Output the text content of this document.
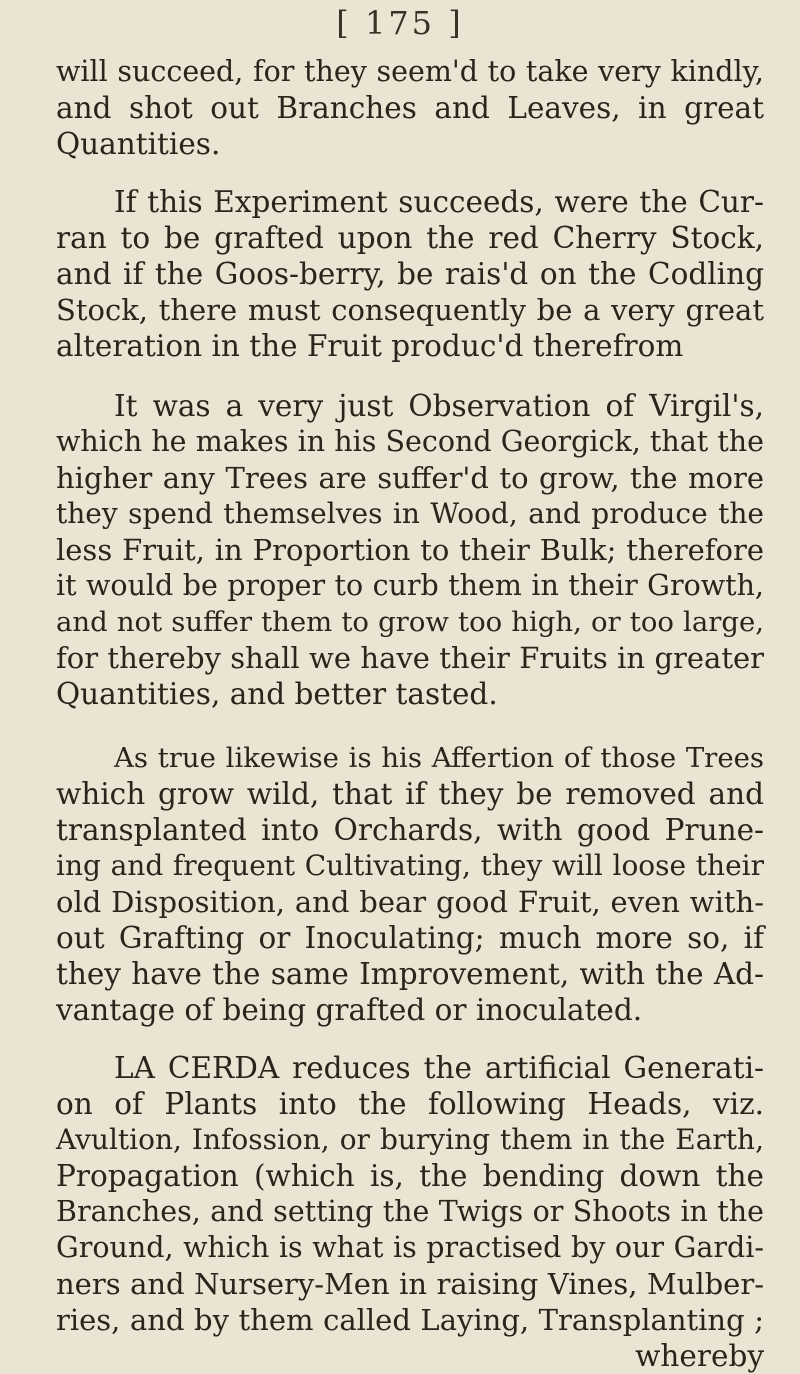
[ 175 ]
will succeed, for they seem'd to take very kindly,
and shot out Branches and Leaves, in great
Quantities.
If this Experiment succeeds, were the Cur-
ran to be grafted upon the red Cherry Stock,
and if the Goos-berry, be rais'd on the Codling
Stock, there must consequently be a very great
alteration in the Fruit produc'd therefrom
It was a very just Observation of Virgil's,
which he makes in his Second Georgick, that the
higher any Trees are suffer'd to grow, the more
they spend themselves in Wood, and produce the
less Fruit, in Proportion to their Bulk; therefore
it would be proper to curb them in their Growth,
and not suffer them to grow too high, or too large,
for thereby shall we have their Fruits in greater
Quantities, and better tasted.
As true likewise is his Affertion of those Trees
which grow wild, that if they be removed and
transplanted into Orchards, with good Prune-
ing and frequent Cultivating, they will loose their
old Disposition, and bear good Fruit, even with-
out Grafting or Inoculating; much more so, if
they have the same Improvement, with the Ad-
vantage of being grafted or inoculated.
LA CERDA reduces the artificial Generati-
on of Plants into the following Heads, viz.
Avultion, Infossion, or burying them in the Earth,
Propagation (which is, the bending down the
Branches, and setting the Twigs or Shoots in the
Ground, which is what is practised by our Gardi-
ners and Nursery-Men in raising Vines, Mulber-
ries, and by them called Laying, Transplanting ;
whereby
